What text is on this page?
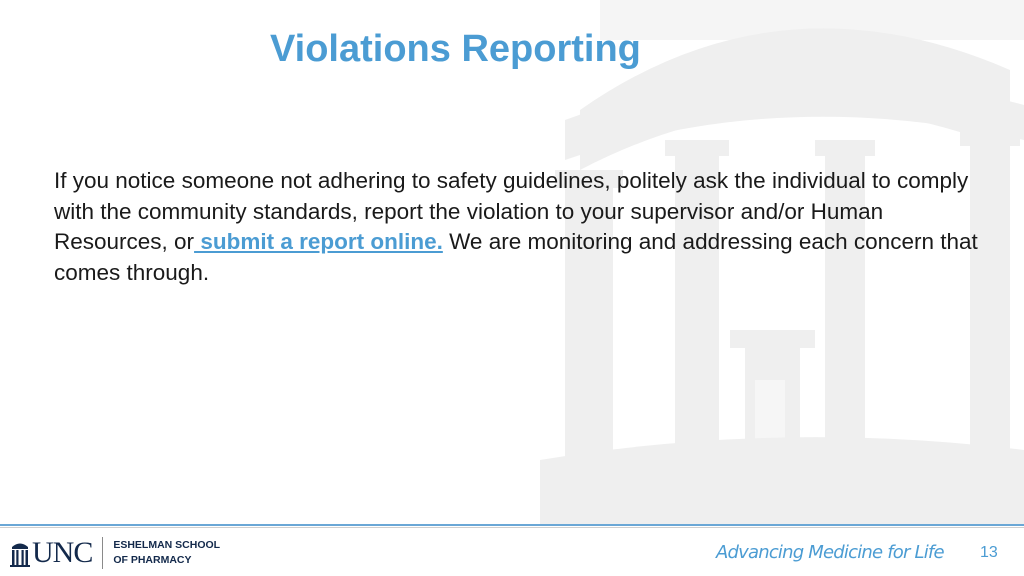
Violations Reporting
If you notice someone not adhering to safety guidelines, politely ask the individual to comply with the community standards, report the violation to your supervisor and/or Human Resources, or submit a report online. We are monitoring and addressing each concern that comes through.
UNC ESHELMAN SCHOOL
OF PHARMACY	Advancing Medicine for Life 13
